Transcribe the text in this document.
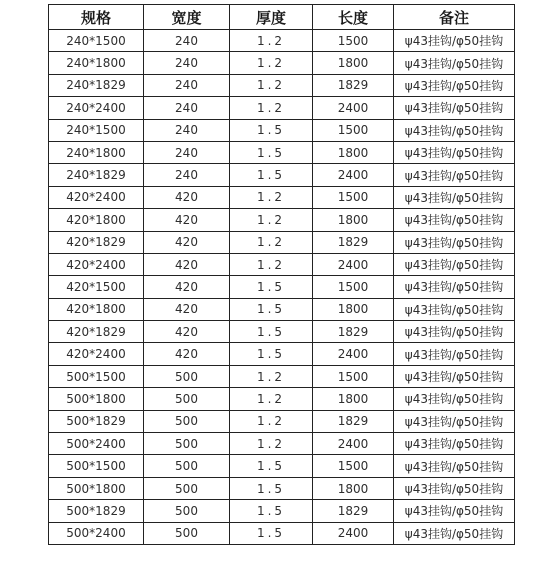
规格	宽度	厚度	长度	备注
240*1500	240	1.2	1500	ψ43挂钩/φ50挂钩
240*1800	240	1.2	1800	ψ43挂钩/φ50挂钩
240*1829	240	1.2	1829	ψ43挂钩/φ50挂钩
240*2400	240	1.2	2400	ψ43挂钩/φ50挂钩
240*1500	240	1.5	1500	ψ43挂钩/φ50挂钩
240*1800	240	1.5	1800	ψ43挂钩/φ50挂钩
240*1829	240	1.5	2400	ψ43挂钩/φ50挂钩
420*2400	420	1.2	1500	ψ43挂钩/φ50挂钩
420*1800	420	1.2	1800	ψ43挂钩/φ50挂钩
420*1829	420	1.2	1829	ψ43挂钩/φ50挂钩
420*2400	420	1.2	2400	ψ43挂钩/φ50挂钩
420*1500	420	1.5	1500	ψ43挂钩/φ50挂钩
420*1800	420	1.5	1800	ψ43挂钩/φ50挂钩
420*1829	420	1.5	1829	ψ43挂钩/φ50挂钩
420*2400	420	1.5	2400	ψ43挂钩/φ50挂钩
500*1500	500	1.2	1500	ψ43挂钩/φ50挂钩
500*1800	500	1.2	1800	ψ43挂钩/φ50挂钩
500*1829	500	1.2	1829	ψ43挂钩/φ50挂钩
500*2400	500	1.2	2400	ψ43挂钩/φ50挂钩
500*1500	500	1.5	1500	ψ43挂钩/φ50挂钩
500*1800	500	1.5	1800	ψ43挂钩/φ50挂钩
500*1829	500	1.5	1829	ψ43挂钩/φ50挂钩
500*2400	500	1.5	2400	ψ43挂钩/φ50挂钩
